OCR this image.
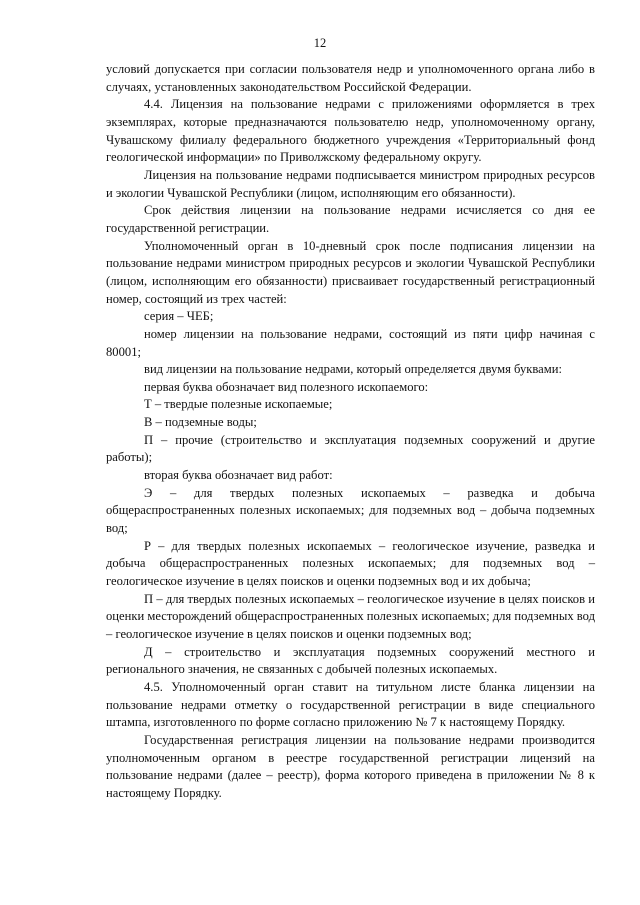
12

условий допускается при согласии пользователя недр и уполномоченного органа либо в случаях, установленных законодательством Российской Федерации.

4.4. Лицензия на пользование недрами с приложениями оформляется в трех экземплярах, которые предназначаются пользователю недр, уполномоченному органу, Чувашскому филиалу федерального бюджетного учреждения «Территориальный фонд геологической информации» по Приволжскому федеральному округу.

Лицензия на пользование недрами подписывается министром природных ресурсов и экологии Чувашской Республики (лицом, исполняющим его обязанности).

Срок действия лицензии на пользование недрами исчисляется со дня ее государственной регистрации.

Уполномоченный орган в 10-дневный срок после подписания лицензии на пользование недрами министром природных ресурсов и экологии Чувашской Республики (лицом, исполняющим его обязанности) присваивает государственный регистрационный номер, состоящий из трех частей:

серия – ЧЕБ;

номер лицензии на пользование недрами, состоящий из пяти цифр начиная с 80001;

вид лицензии на пользование недрами, который определяется двумя буквами:

первая буква обозначает вид полезного ископаемого:

Т – твердые полезные ископаемые;

В – подземные воды;

П – прочие (строительство и эксплуатация подземных сооружений и другие работы);

вторая буква обозначает вид работ:

Э – для твердых полезных ископаемых – разведка и добыча общераспространенных полезных ископаемых; для подземных вод – добыча подземных вод;

Р – для твердых полезных ископаемых – геологическое изучение, разведка и добыча общераспространенных полезных ископаемых; для подземных вод – геологическое изучение в целях поисков и оценки подземных вод и их добыча;

П – для твердых полезных ископаемых – геологическое изучение в целях поисков и оценки месторождений общераспространенных полезных ископаемых; для подземных вод – геологическое изучение в целях поисков и оценки подземных вод;

Д – строительство и эксплуатация подземных сооружений местного и регионального значения, не связанных с добычей полезных ископаемых.

4.5. Уполномоченный орган ставит на титульном листе бланка лицензии на пользование недрами отметку о государственной регистрации в виде специального штампа, изготовленного по форме согласно приложению № 7 к настоящему Порядку.

Государственная регистрация лицензии на пользование недрами производится уполномоченным органом в реестре государственной регистрации лицензий на пользование недрами (далее – реестр), форма которого приведена в приложении № 8 к настоящему Порядку.
